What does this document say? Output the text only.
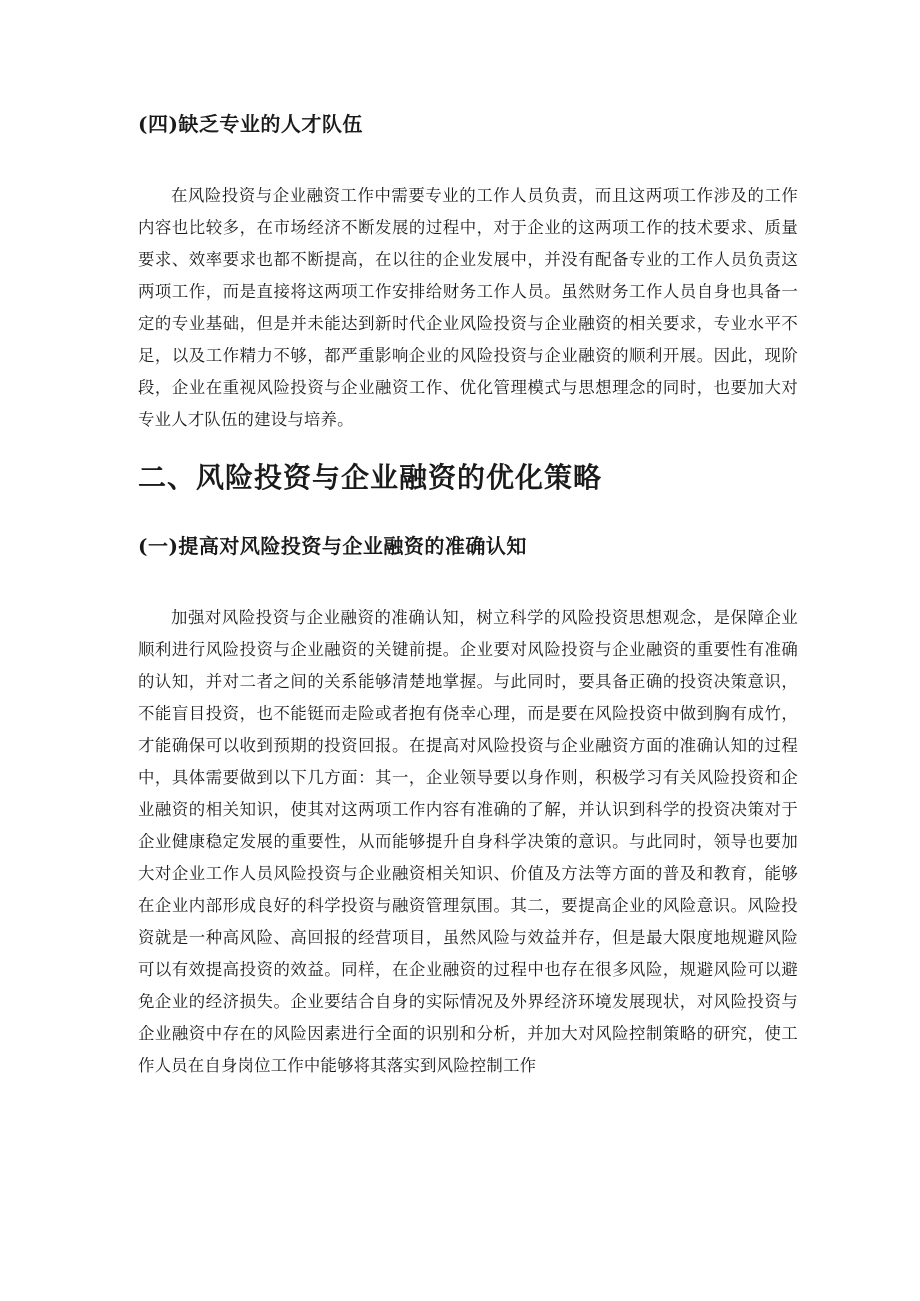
(四)缺乏专业的人才队伍

在风险投资与企业融资工作中需要专业的工作人员负责，而且这两项工作涉及的工作内容也比较多，在市场经济不断发展的过程中，对于企业的这两项工作的技术要求、质量要求、效率要求也都不断提高，在以往的企业发展中，并没有配备专业的工作人员负责这两项工作，而是直接将这两项工作安排给财务工作人员。虽然财务工作人员自身也具备一定的专业基础，但是并未能达到新时代企业风险投资与企业融资的相关要求，专业水平不足，以及工作精力不够，都严重影响企业的风险投资与企业融资的顺利开展。因此，现阶段，企业在重视风险投资与企业融资工作、优化管理模式与思想理念的同时，也要加大对专业人才队伍的建设与培养。

二、风险投资与企业融资的优化策略
(一)提高对风险投资与企业融资的准确认知

加强对风险投资与企业融资的准确认知，树立科学的风险投资思想观念，是保障企业顺利进行风险投资与企业融资的关键前提。企业要对风险投资与企业融资的重要性有准确的认知，并对二者之间的关系能够清楚地掌握。与此同时，要具备正确的投资决策意识，不能盲目投资，也不能铤而走险或者抱有侥幸心理，而是要在风险投资中做到胸有成竹，才能确保可以收到预期的投资回报。在提高对风险投资与企业融资方面的准确认知的过程中，具体需要做到以下几方面：其一，企业领导要以身作则，积极学习有关风险投资和企业融资的相关知识，使其对这两项工作内容有准确的了解，并认识到科学的投资决策对于企业健康稳定发展的重要性，从而能够提升自身科学决策的意识。与此同时，领导也要加大对企业工作人员风险投资与企业融资相关知识、价值及方法等方面的普及和教育，能够在企业内部形成良好的科学投资与融资管理氛围。其二，要提高企业的风险意识。风险投资就是一种高风险、高回报的经营项目，虽然风险与效益并存，但是最大限度地规避风险可以有效提高投资的效益。同样，在企业融资的过程中也存在很多风险，规避风险可以避免企业的经济损失。企业要结合自身的实际情况及外界经济环境发展现状，对风险投资与企业融资中存在的风险因素进行全面的识别和分析，并加大对风险控制策略的研究，使工作人员在自身岗位工作中能够将其落实到风险控制工作
